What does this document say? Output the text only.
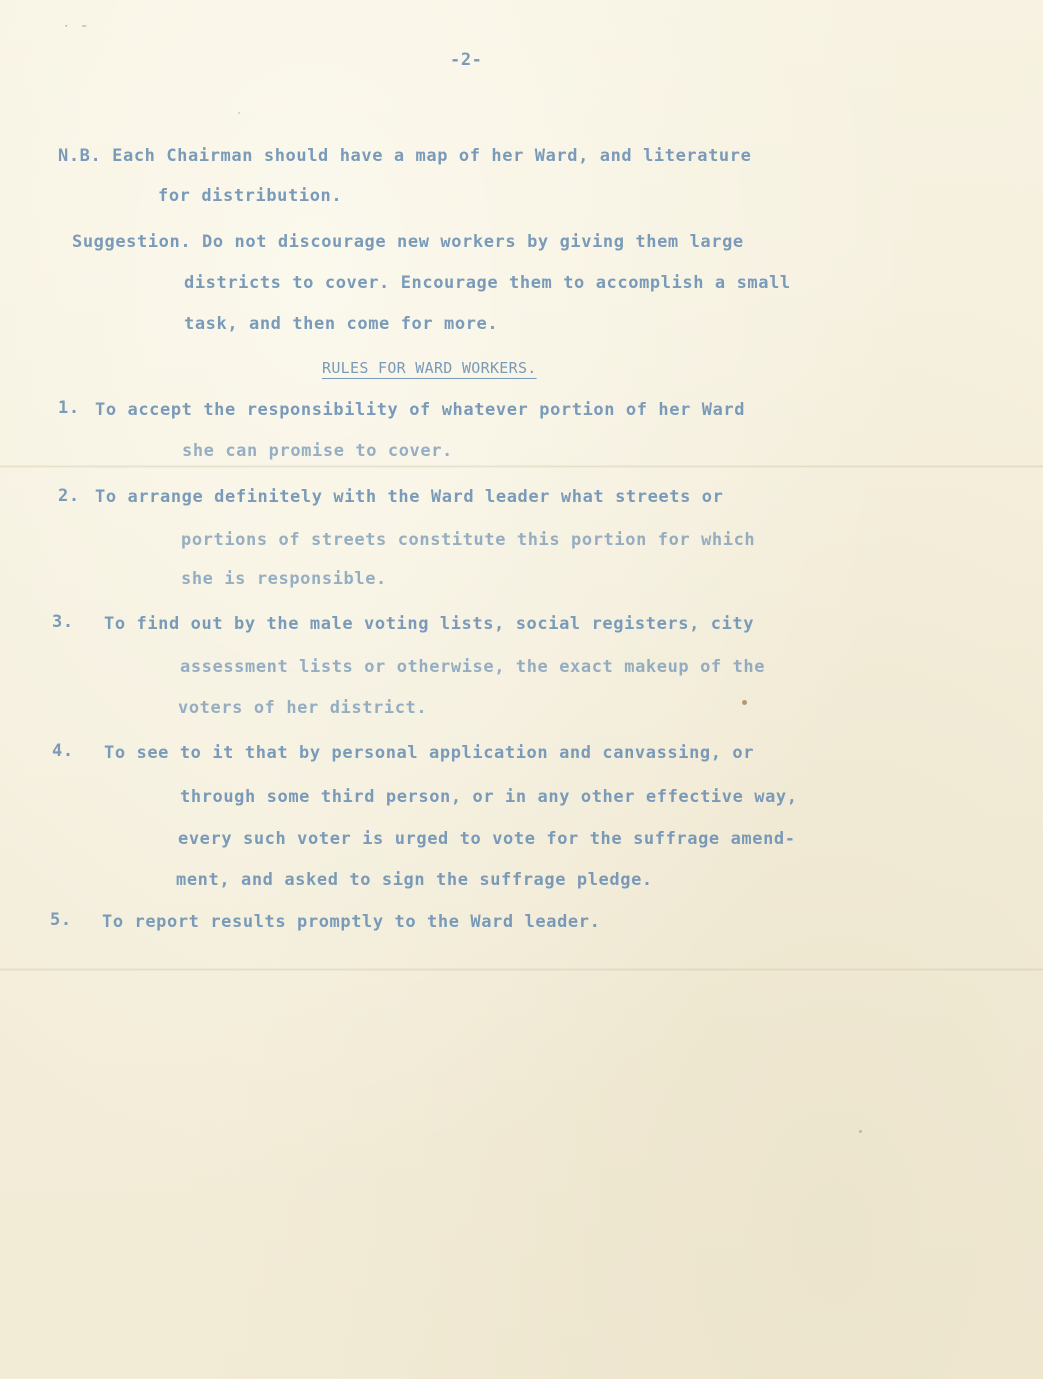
˙ ˉ
-2-
N.B. Each Chairman should have a map of her Ward, and literature
for distribution.
Suggestion. Do not discourage new workers by giving them large
districts to cover. Encourage them to accomplish a small
task, and then come for more.
RULES FOR WARD WORKERS.
1. To accept the responsibility of whatever portion of her Ward
she can promise to cover.
2. To arrange definitely with the Ward leader what streets or
portions of streets constitute this portion for which
she is responsible.
3. To find out by the male voting lists, social registers, city
assessment lists or otherwise, the exact makeup of the
voters of her district.
4. To see to it that by personal application and canvassing, or
through some third person, or in any other effective way,
every such voter is urged to vote for the suffrage amend-
ment, and asked to sign the suffrage pledge.
5. To report results promptly to the Ward leader.
